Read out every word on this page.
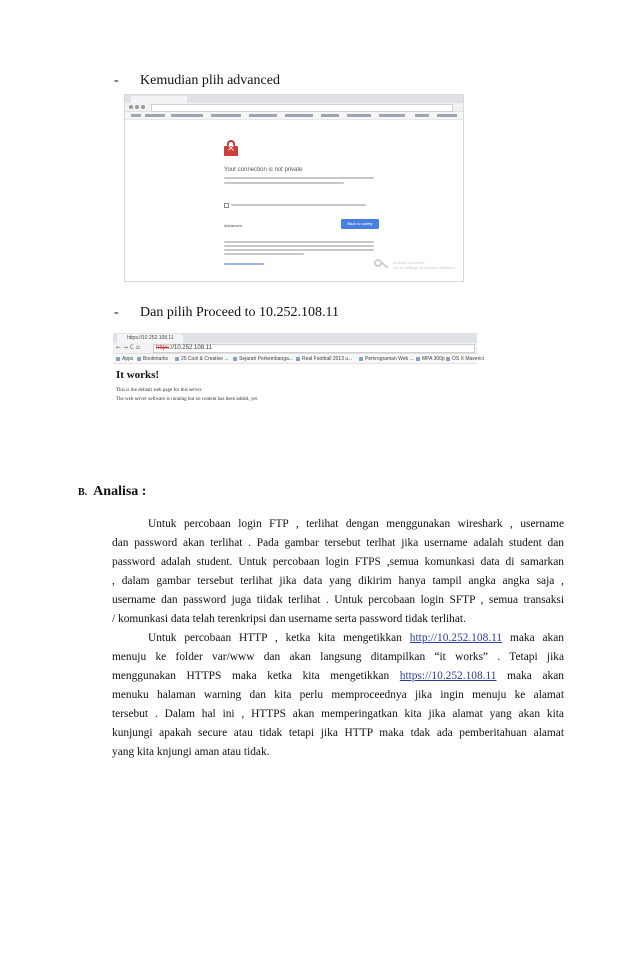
- Kemudian plih advanced
×
Your connection is not private
Advanced	Back to safety
Activate Windows
Go to Settings to activate Windows.
- Dan pilih Proceed to 10.252.108.11
https://10.252.108.11
← → C ⌂	https://10.252.108.11
Apps	Bookmarks	25 Cool & Creative ...	Sejarah Perkembanga...	Real Football 2013 u...	Pemrograman Web ...	MPA 300p	OS X Mavericl
It works!
This is the default web page for this server.
The web server software is running but no content has been added, yet.
B. Analisa :
Untuk percobaan login FTP , terlihat dengan menggunakan wireshark , username
dan password akan terlihat . Pada gambar tersebut terlhat jika username adalah student dan
password adalah student. Untuk percobaan login FTPS ,semua komunkasi data di samarkan
, dalam gambar tersebut terlihat jika data yang dikirim hanya tampil angka angka saja ,
username dan password juga tiidak terlihat . Untuk percobaan login SFTP , semua transaksi
/ komunkasi data telah terenkripsi dan username serta password tidak terlihat.
Untuk percobaan HTTP , ketka kita mengetikkan http://10.252.108.11 maka akan
menuju ke folder var/www dan akan langsung ditampilkan “it works” . Tetapi jika
menggunakan HTTPS maka ketka kita mengetikkan https://10.252.108.11 maka akan
menuku halaman warning dan kita perlu memproceednya jika ingin menuju ke alamat
tersebut . Dalam hal ini , HTTPS akan memperingatkan kita jika alamat yang akan kita
kunjungi apakah secure atau tidak tetapi jika HTTP maka tdak ada pemberitahuan alamat
yang kita knjungi aman atau tidak.
